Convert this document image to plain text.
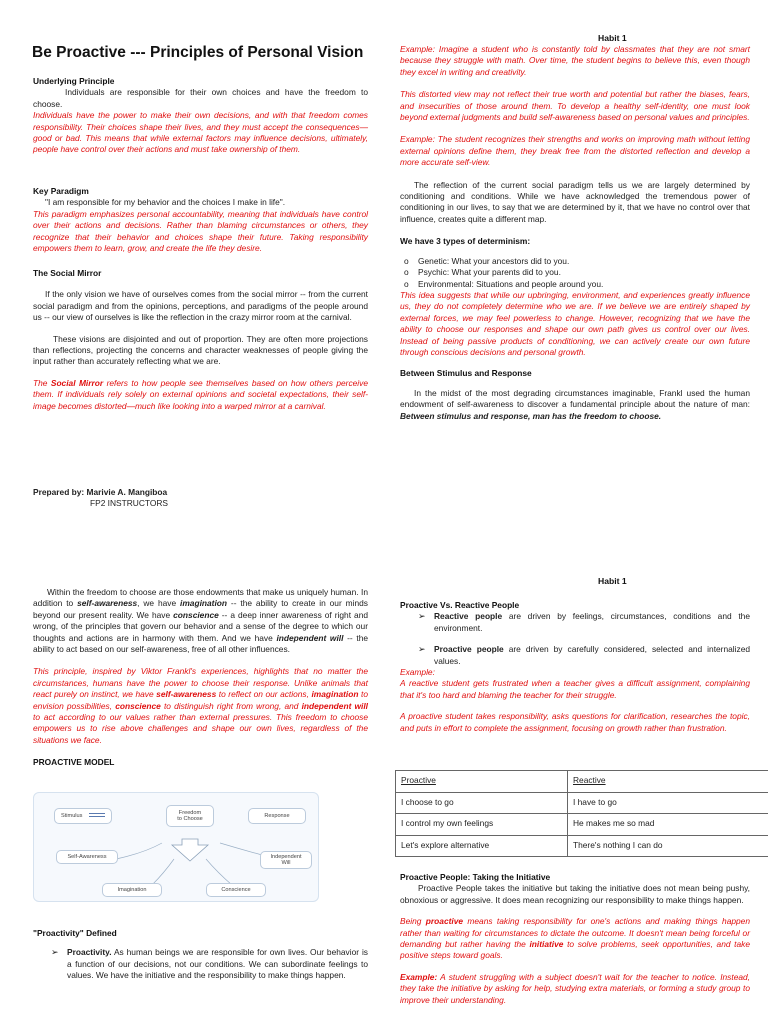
Be Proactive --- Principles of Personal Vision
Underlying Principle
Individuals are responsible for their own choices and have the freedom to choose.
Individuals have the power to make their own decisions, and with that freedom comes responsibility. Their choices shape their lives, and they must accept the consequences—good or bad. This means that while external factors may influence decisions, ultimately, people have control over their actions and must take ownership of them.
Key Paradigm
"I am responsible for my behavior and the choices I make in life".
This paradigm emphasizes personal accountability, meaning that individuals have control over their actions and decisions. Rather than blaming circumstances or others, they recognize that their behavior and choices shape their future. Taking responsibility empowers them to learn, grow, and create the life they desire.
The Social Mirror
If the only vision we have of ourselves comes from the social mirror -- from the current social paradigm and from the opinions, perceptions, and paradigms of the people around us -- our view of ourselves is like the reflection in the crazy mirror room at the carnival.
These visions are disjointed and out of proportion. They are often more projections than reflections, projecting the concerns and character weaknesses of people giving the input rather than accurately reflecting what we are.
The Social Mirror refers to how people see themselves based on how others perceive them. If individuals rely solely on external opinions and societal expectations, their self-image becomes distorted—much like looking into a warped mirror at a carnival.
Prepared by: Marivie A. Mangiboa
FP2 INSTRUCTORS
Habit 1
Example: Imagine a student who is constantly told by classmates that they are not smart because they struggle with math. Over time, the student begins to believe this, even though they excel in writing and creativity.
This distorted view may not reflect their true worth and potential but rather the biases, fears, and insecurities of those around them. To develop a healthy self-identity, one must look beyond external judgments and build self-awareness based on personal values and principles.
Example: The student recognizes their strengths and works on improving math without letting external opinions define them, they break free from the distorted reflection and develop a more accurate self-view.
The reflection of the current social paradigm tells us we are largely determined by conditioning and conditions. While we have acknowledged the tremendous power of conditioning in our lives, to say that we are determined by it, that we have no control over that influence, creates quite a different map.
We have 3 types of determinism:
o Genetic: What your ancestors did to you.
o Psychic: What your parents did to you.
o Environmental: Situations and people around you.
This idea suggests that while our upbringing, environment, and experiences greatly influence us, they do not completely determine who we are. If we believe we are entirely shaped by external forces, we may feel powerless to change. However, recognizing that we have the ability to choose our responses and shape our own path gives us control over our lives. Instead of being passive products of conditioning, we can actively create our own future through conscious decisions and personal growth.
Between Stimulus and Response
In the midst of the most degrading circumstances imaginable, Frankl used the human endowment of self-awareness to discover a fundamental principle about the nature of man: Between stimulus and response, man has the freedom to choose.
Within the freedom to choose are those endowments that make us uniquely human. In addition to self-awareness, we have imagination -- the ability to create in our minds beyond our present reality. We have conscience -- a deep inner awareness of right and wrong, of the principles that govern our behavior and a sense of the degree to which our thoughts and actions are in harmony with them. And we have independent will -- the ability to act based on our self-awareness, free of all other influences.
This principle, inspired by Viktor Frankl's experiences, highlights that no matter the circumstances, humans have the power to choose their response. Unlike animals that react purely on instinct, we have self-awareness to reflect on our actions, imagination to envision possibilities, conscience to distinguish right from wrong, and independent will to act according to our values rather than external pressures. This freedom to choose empowers us to rise above challenges and shape our own lives, regardless of the situations we face.
PROACTIVE MODEL
"Proactivity" Defined
➢ Proactivity. As human beings we are responsible for own lives. Our behavior is a function of our decisions, not our conditions. We can subordinate feelings to values. We have the initiative and the responsibility to make things happen.
Stimulus
Freedom
to Choose
Response
Self-Awareness	Independent
Will
Imagination	Conscience
Habit 1
Proactive Vs. Reactive People
➢ Reactive people are driven by feelings, circumstances, conditions and the environment.
➢ Proactive people are driven by carefully considered, selected and internalized values.
Example:
A reactive student gets frustrated when a teacher gives a difficult assignment, complaining that it's too hard and blaming the teacher for their struggle.
A proactive student takes responsibility, asks questions for clarification, researches the topic, and puts in effort to complete the assignment, focusing on growth rather than frustration.
Proactive People: Taking the Initiative
Proactive People takes the initiative but taking the initiative does not mean being pushy, obnoxious or aggressive. It does mean recognizing our responsibility to make things happen.
Being proactive means taking responsibility for one's actions and making things happen rather than waiting for circumstances to dictate the outcome. It doesn't mean being forceful or demanding but rather having the initiative to solve problems, seek opportunities, and take positive steps toward goals.
Example: A student struggling with a subject doesn't wait for the teacher to notice. Instead, they take the initiative by asking for help, studying extra materials, or forming a study group to improve their understanding.
Proactive	Reactive
I choose to go	I have to go
I control my own feelings	He makes me so mad
Let's explore alternative	There's nothing I can do
